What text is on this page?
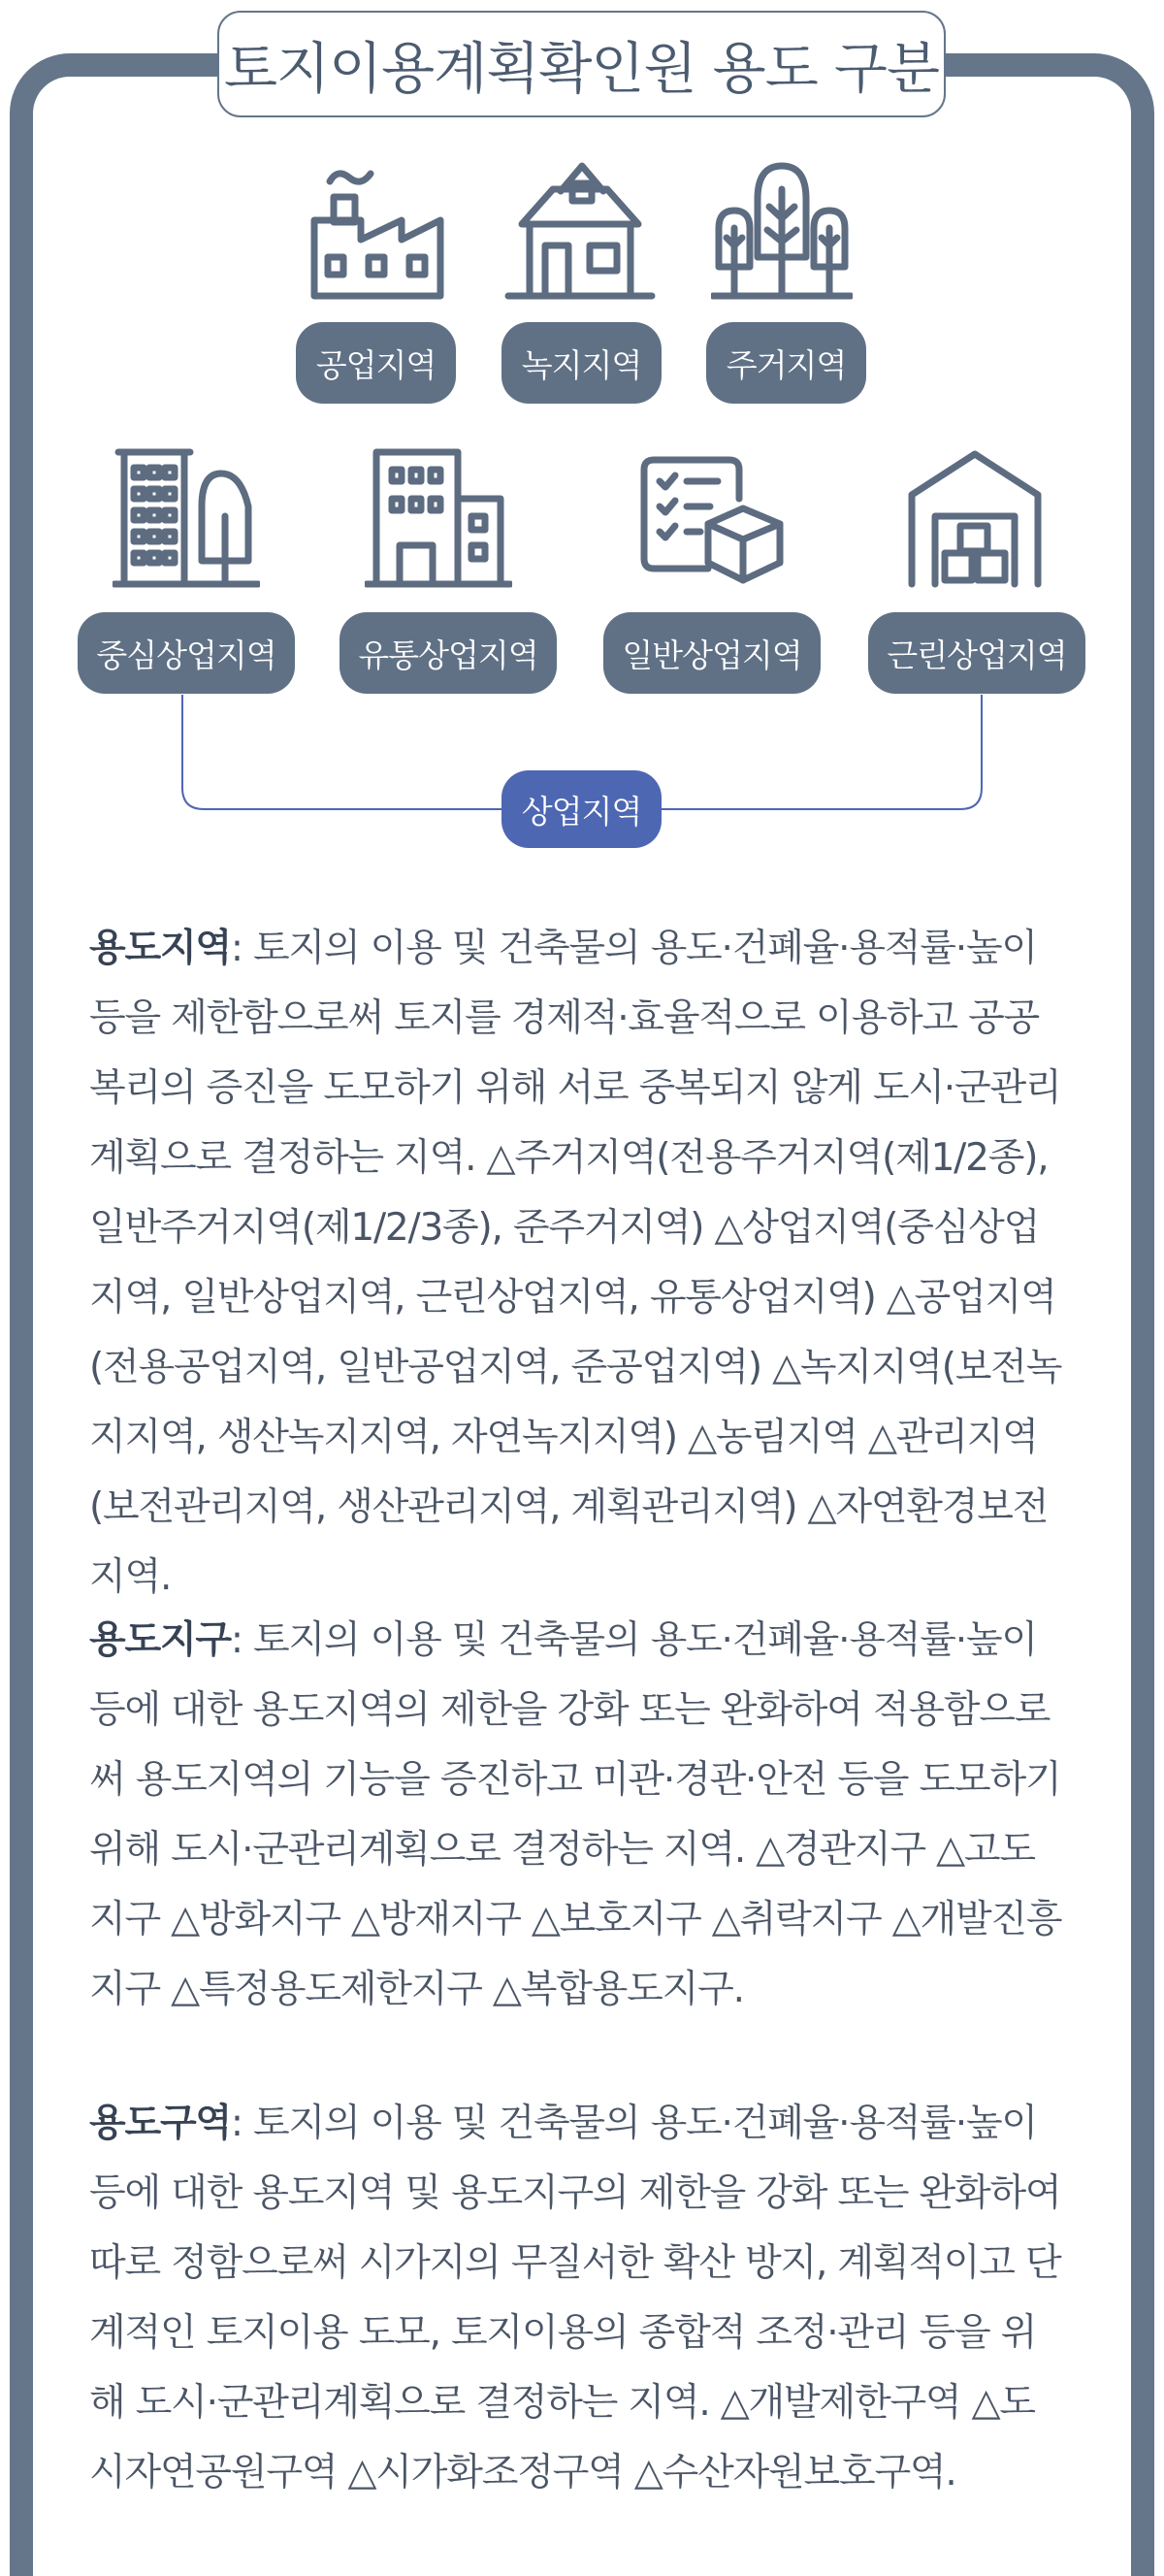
토지이용계획확인원 용도 구분
공업지역	녹지지역	주거지역
중심상업지역	유통상업지역	일반상업지역	근린상업지역
상업지역
용도지역: 토지의 이용 및 건축물의 용도·건폐율·용적률·높이 등을 제한함으로써 토지를 경제적·효율적으로 이용하고 공공복리의 증진을 도모하기 위해 서로 중복되지 않게 도시·군관리계획으로 결정하는 지역. △주거지역(전용주거지역(제1/2종), 일반주거지역(제1/2/3종), 준주거지역) △상업지역(중심상업지역, 일반상업지역, 근린상업지역, 유통상업지역) △공업지역(전용공업지역, 일반공업지역, 준공업지역) △녹지지역(보전녹지지역, 생산녹지지역, 자연녹지지역) △농림지역 △관리지역(보전관리지역, 생산관리지역, 계획관리지역) △자연환경보전지역.
용도지구: 토지의 이용 및 건축물의 용도·건폐율·용적률·높이 등에 대한 용도지역의 제한을 강화 또는 완화하여 적용함으로써 용도지역의 기능을 증진하고 미관·경관·안전 등을 도모하기 위해 도시·군관리계획으로 결정하는 지역. △경관지구 △고도지구 △방화지구 △방재지구 △보호지구 △취락지구 △개발진흥지구 △특정용도제한지구 △복합용도지구.
용도구역: 토지의 이용 및 건축물의 용도·건폐율·용적률·높이 등에 대한 용도지역 및 용도지구의 제한을 강화 또는 완화하여 따로 정함으로써 시가지의 무질서한 확산 방지, 계획적이고 단계적인 토지이용 도모, 토지이용의 종합적 조정·관리 등을 위해 도시·군관리계획으로 결정하는 지역. △개발제한구역 △도시자연공원구역 △시가화조정구역 △수산자원보호구역.
